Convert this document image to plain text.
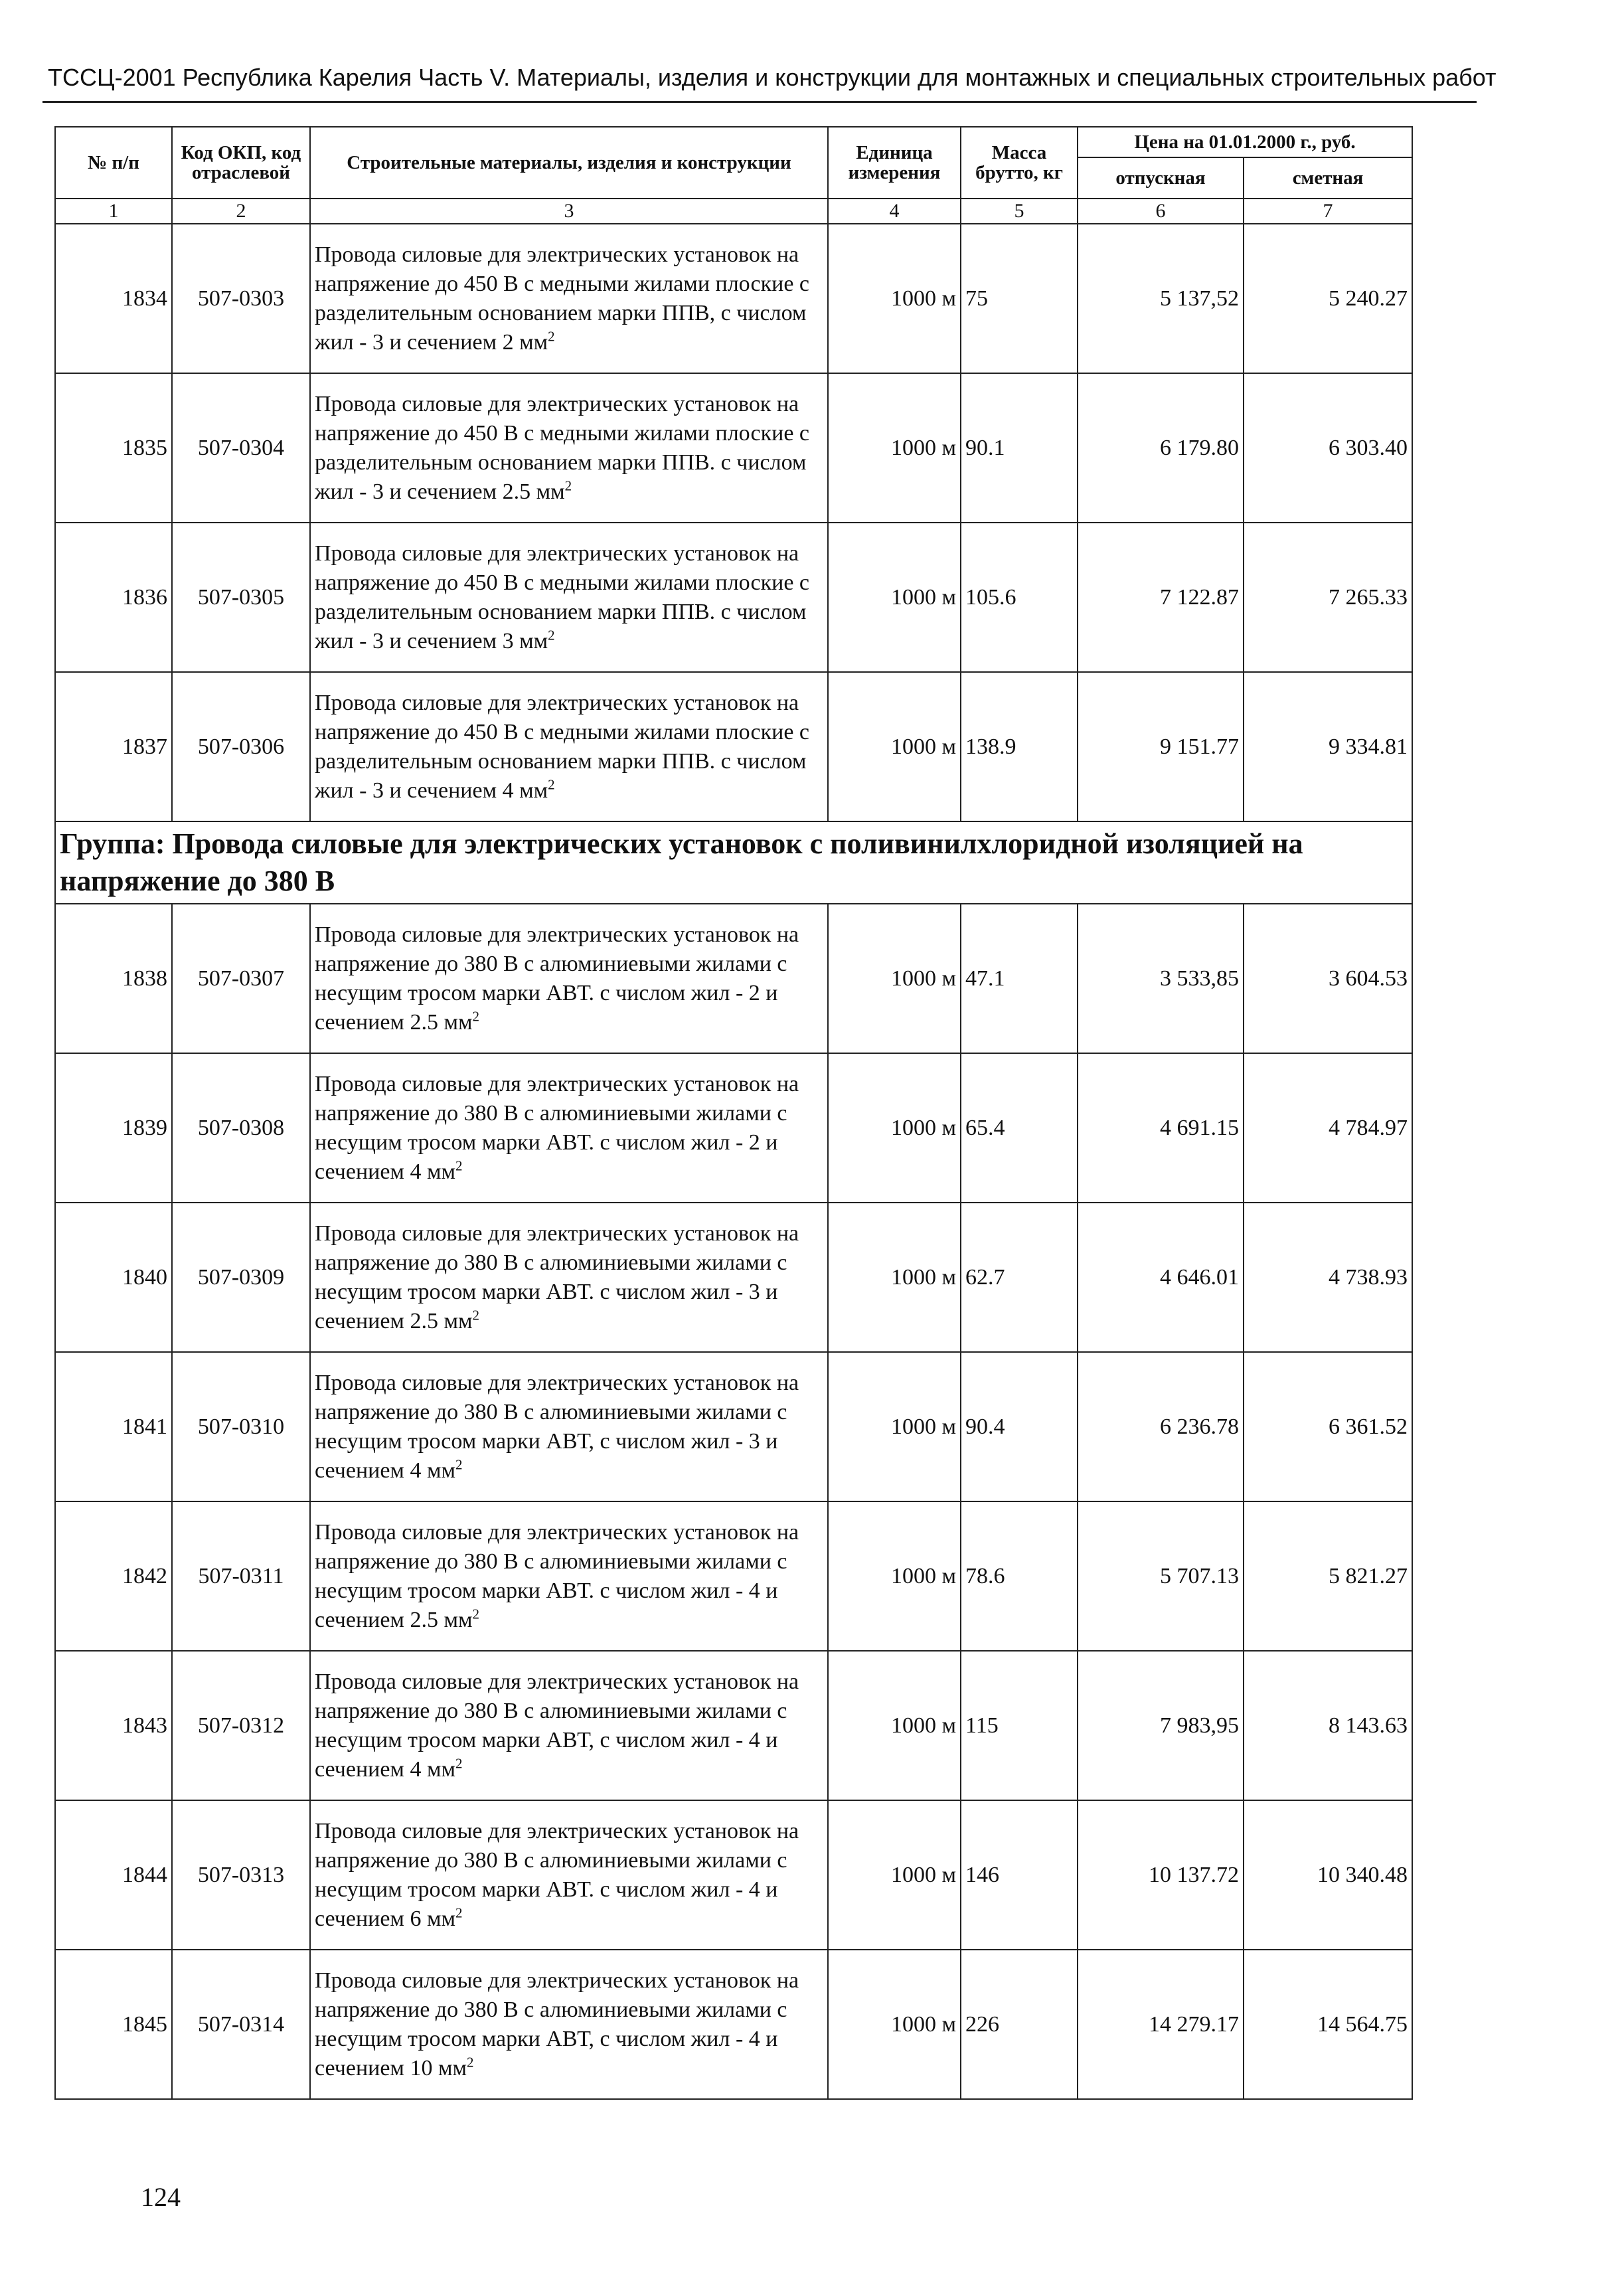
ТССЦ-2001 Республика Карелия Часть V. Материалы, изделия и конструкции для монтажных и специальных строительных работ
№ п/п	Код ОКП, код отраслевой	Строительные материалы, изделия и конструкции	Единица измерения	Масса брутто, кг	Цена на 01.01.2000 г., руб.	
					отпускная	сметная
1	2	3	4	5	6	7
1834	507-0303	Провода силовые для электрических установок на напряжение до 450 В с медными жилами плоские с разделительным основанием марки ППВ, с числом жил - 3 и сечением 2 $мм^2$	1000 м	75	5 137,52	5 240.27
1835	507-0304	Провода силовые для электрических установок на напряжение до 450 В с медными жилами плоские с разделительным основанием марки ППВ. с числом жил - 3 и сечением 2.5 $мм^2$	1000 м	90.1	6 179.80	6 303.40
1836	507-0305	Провода силовые для электрических установок на напряжение до 450 В с медными жилами плоские с разделительным основанием марки ППВ. с числом жил - 3 и сечением 3 $мм^2$	1000 м	105.6	7 122.87	7 265.33
1837	507-0306	Провода силовые для электрических установок на напряжение до 450 В с медными жилами плоские с разделительным основанием марки ППВ. с числом жил - 3 и сечением 4 $мм^2$	1000 м	138.9	9 151.77	9 334.81
Группа: Провода силовые для электрических установок с поливинилхлоридной изоляцией на напряжение до 380 В						
1838	507-0307	Провода силовые для электрических установок на напряжение до 380 В с алюминиевыми жилами с несущим тросом марки АВТ. с числом жил - 2 и сечением 2.5 $мм^2$	1000 м	47.1	3 533,85	3 604.53
1839	507-0308	Провода силовые для электрических установок на напряжение до 380 В с алюминиевыми жилами с несущим тросом марки АВТ. с числом жил - 2 и сечением 4 $мм^2$	1000 м	65.4	4 691.15	4 784.97
1840	507-0309	Провода силовые для электрических установок на напряжение до 380 В с алюминиевыми жилами с несущим тросом марки АВТ. с числом жил - 3 и сечением 2.5 $мм^2$	1000 м	62.7	4 646.01	4 738.93
1841	507-0310	Провода силовые для электрических установок на напряжение до 380 В с алюминиевыми жилами с несущим тросом марки АВТ, с числом жил - 3 и сечением 4 $мм^2$	1000 м	90.4	6 236.78	6 361.52
1842	507-0311	Провода силовые для электрических установок на напряжение до 380 В с алюминиевыми жилами с несущим тросом марки АВТ. с числом жил - 4 и сечением 2.5 $мм^2$	1000 м	78.6	5 707.13	5 821.27
1843	507-0312	Провода силовые для электрических установок на напряжение до 380 В с алюминиевыми жилами с несущим тросом марки АВТ, с числом жил - 4 и сечением 4 $мм^2$	1000 м	115	7 983,95	8 143.63
1844	507-0313	Провода силовые для электрических установок на напряжение до 380 В с алюминиевыми жилами с несущим тросом марки АВТ. с числом жил - 4 и сечением 6 $мм^2$	1000 м	146	10 137.72	10 340.48
1845	507-0314	Провода силовые для электрических установок на напряжение до 380 В с алюминиевыми жилами с несущим тросом марки АВТ, с числом жил - 4 и сечением 10 $мм^2$	1000 м	226	14 279.17	14 564.75
124
